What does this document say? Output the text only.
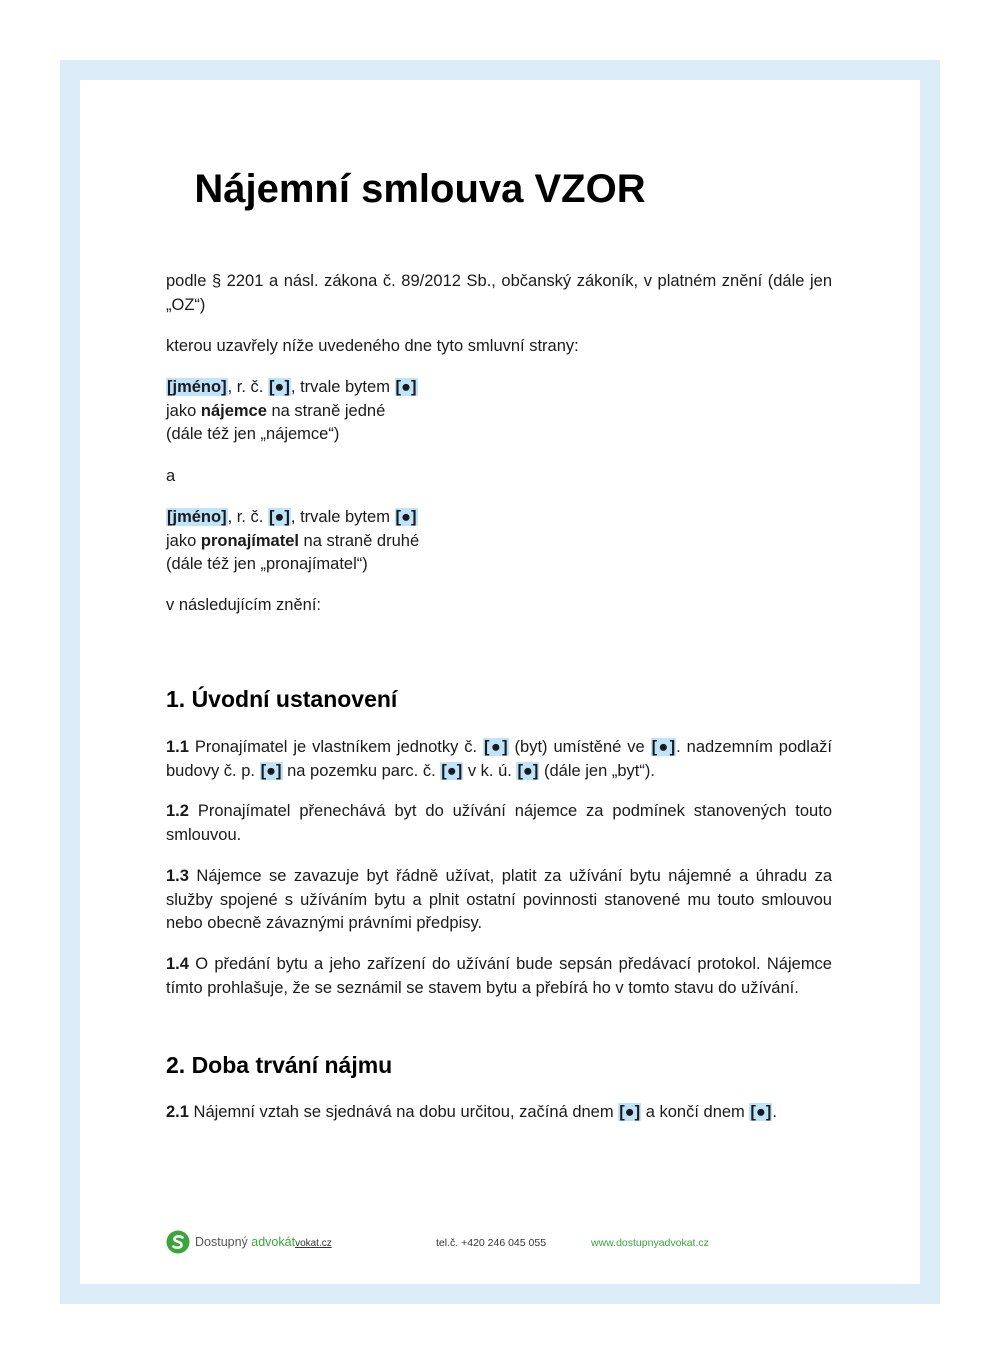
Nájemní smlouva VZOR
podle § 2201 a násl. zákona č. 89/2012 Sb., občanský zákoník, v platném znění (dále jen „OZ“)
kterou uzavřely níže uvedeného dne tyto smluvní strany:
[jméno], r. č. [●], trvale bytem [●]
jako nájemce na straně jedné
(dále též jen „nájemce“)
a
[jméno], r. č. [●], trvale bytem [●]
jako pronajímatel na straně druhé
(dále též jen „pronajímatel“)
v následujícím znění:
1. Úvodní ustanovení
1.1 Pronajímatel je vlastníkem jednotky č. [●] (byt) umístěné ve [●]. nadzemním podlaží budovy č. p. [●] na pozemku parc. č. [●] v k. ú. [●] (dále jen „byt“).
1.2 Pronajímatel přenechává byt do užívání nájemce za podmínek stanovených touto smlouvou.
1.3 Nájemce se zavazuje byt řádně užívat, platit za užívání bytu nájemné a úhradu za služby spojené s užíváním bytu a plnit ostatní povinnosti stanovené mu touto smlouvou nebo obecně závaznými právními předpisy.
1.4 O předání bytu a jeho zařízení do užívání bude sepsán předávací protokol. Nájemce tímto prohlašuje, že se seznámil se stavem bytu a přebírá ho v tomto stavu do užívání.
2. Doba trvání nájmu
2.1 Nájemní vztah se sjednává na dobu určitou, začíná dnem [●] a končí dnem [●].
Dostupný advokátvokat.cz	tel.č. +420 246 045 055	www.dostupnyadvokat.cz
